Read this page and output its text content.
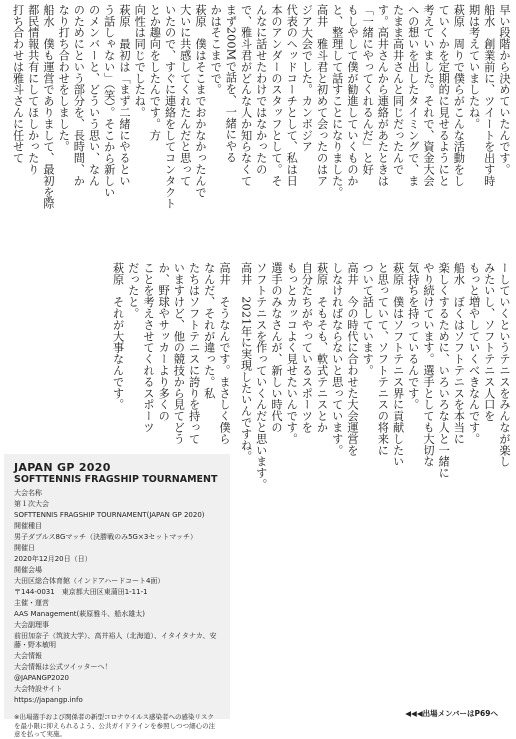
早い段階から決めていたんです。
船水　創業前に、ツイートを出す時
期は考えていましたね。
萩原　周りで僕らがこんな活動をし
ていくかを定期的に見せるようにと
考えていました。それで、資金大会
への想いを出したタイミングで、ま
たまま高井さんと同じだったんで
す。高井さんから連絡があたときは
「一緒にやってくれるんだ」と好
もしやして僕が勧進していくものか
と、整理して話すことになりました。
高井　雅斗君と初めて会ったのはア
ジア大会でした。カンボジア
代表のヘッドコーチとして、私は日
本のアンダーのスタッフとして。そ
んなに話せたわけではなかったの
で、雅斗君がどんな人か知らなくて
まず200Mで話を、一緒にやる
かはそこまでで。
萩原　僕はそこまでおかなかったんで
大いに共感してくれたんだと思って
いたので、すぐに連絡をしてコンタクト
とか趣向をしたんです。方
向性は同じでしたね。
萩原　最初は「まず二緒にやるとい
う話しゃない」（笑）。そこから新しい
のメンバーと、どういう思い、なん
のためにという部分を、長時間、か
なり打ち合わせをしました。
船水　僕も運営でありまして、最初を際
都民情報共有にしてほしかったり
打ち合わせは雅斗さんに任せて
ーしていくというテニスをみんなが楽し
みたいし、ソフトテニス人口を
もっと増やしていくべきなんです。
船水　ぼくはソフトテニスを本当に
楽しくするために、いろいろな人と一緒に
やり続けています。選手としても大切な
気持ちを持っているんです。
萩原　僕はソフトテニス界に貢献したい
と思っていて、ソフトテニスの将来に
ついて話しています。
高井　今の時代に合わせた大会運営を
しなければならないと思っています。
萩原　そもそも、軟式テニスとか
自分たちがやっているスポーツを
もっとカッコよく見せたいんです。
選手のみなさんが、新しい時代の
ソフトテニスを作っていくんだと思います。
高井　2021年に実現したいんですね。
高井　そうなんです。まさしく僕ら
なんだ、それが違った。私
たちはソフトテニスに誇りを持って
いますけど、他の競技から見てどう
か、野球やサッカーより多くの
ことを考えさせてくれるスポーツ
だったと。
萩原　それが大事なんです。
JAPAN GP 2020
SOFTTENNIS FRAGSHIP TOURNAMENT
大会名称
第１次大会
SOFTTENNIS FRAGSHIP TOURNAMENT(JAPAN GP 2020)
開催種目
男子ダブルス8Gマッチ（決勝戦のみ5G×3セットマッチ）
開催日
2020年12月20日（日）
開催会場
大田区総合体育館（インドアハードコート4面）
〒144-0031　東京都大田区東蒲田1-11-1
主催・運営
AAS Management(萩原雅斗、船水雄太)
大会副理事
前田加奈子（筑波大学）、高井裕人（北海道）、イタイタナカ、安藤・野本敏明
大会情報
大会情報は公式ツイッターへ！
@JAPANGP2020
大会特設サイト
https://japangp.info
※出場選手および関係者の新型コロナウイルス感染者への感染リスクを最小限に抑えられるよう、公共ガイドラインを参照しつつ細心の注意を払って実施。
◀◀◀出場メンバーはP69へ
